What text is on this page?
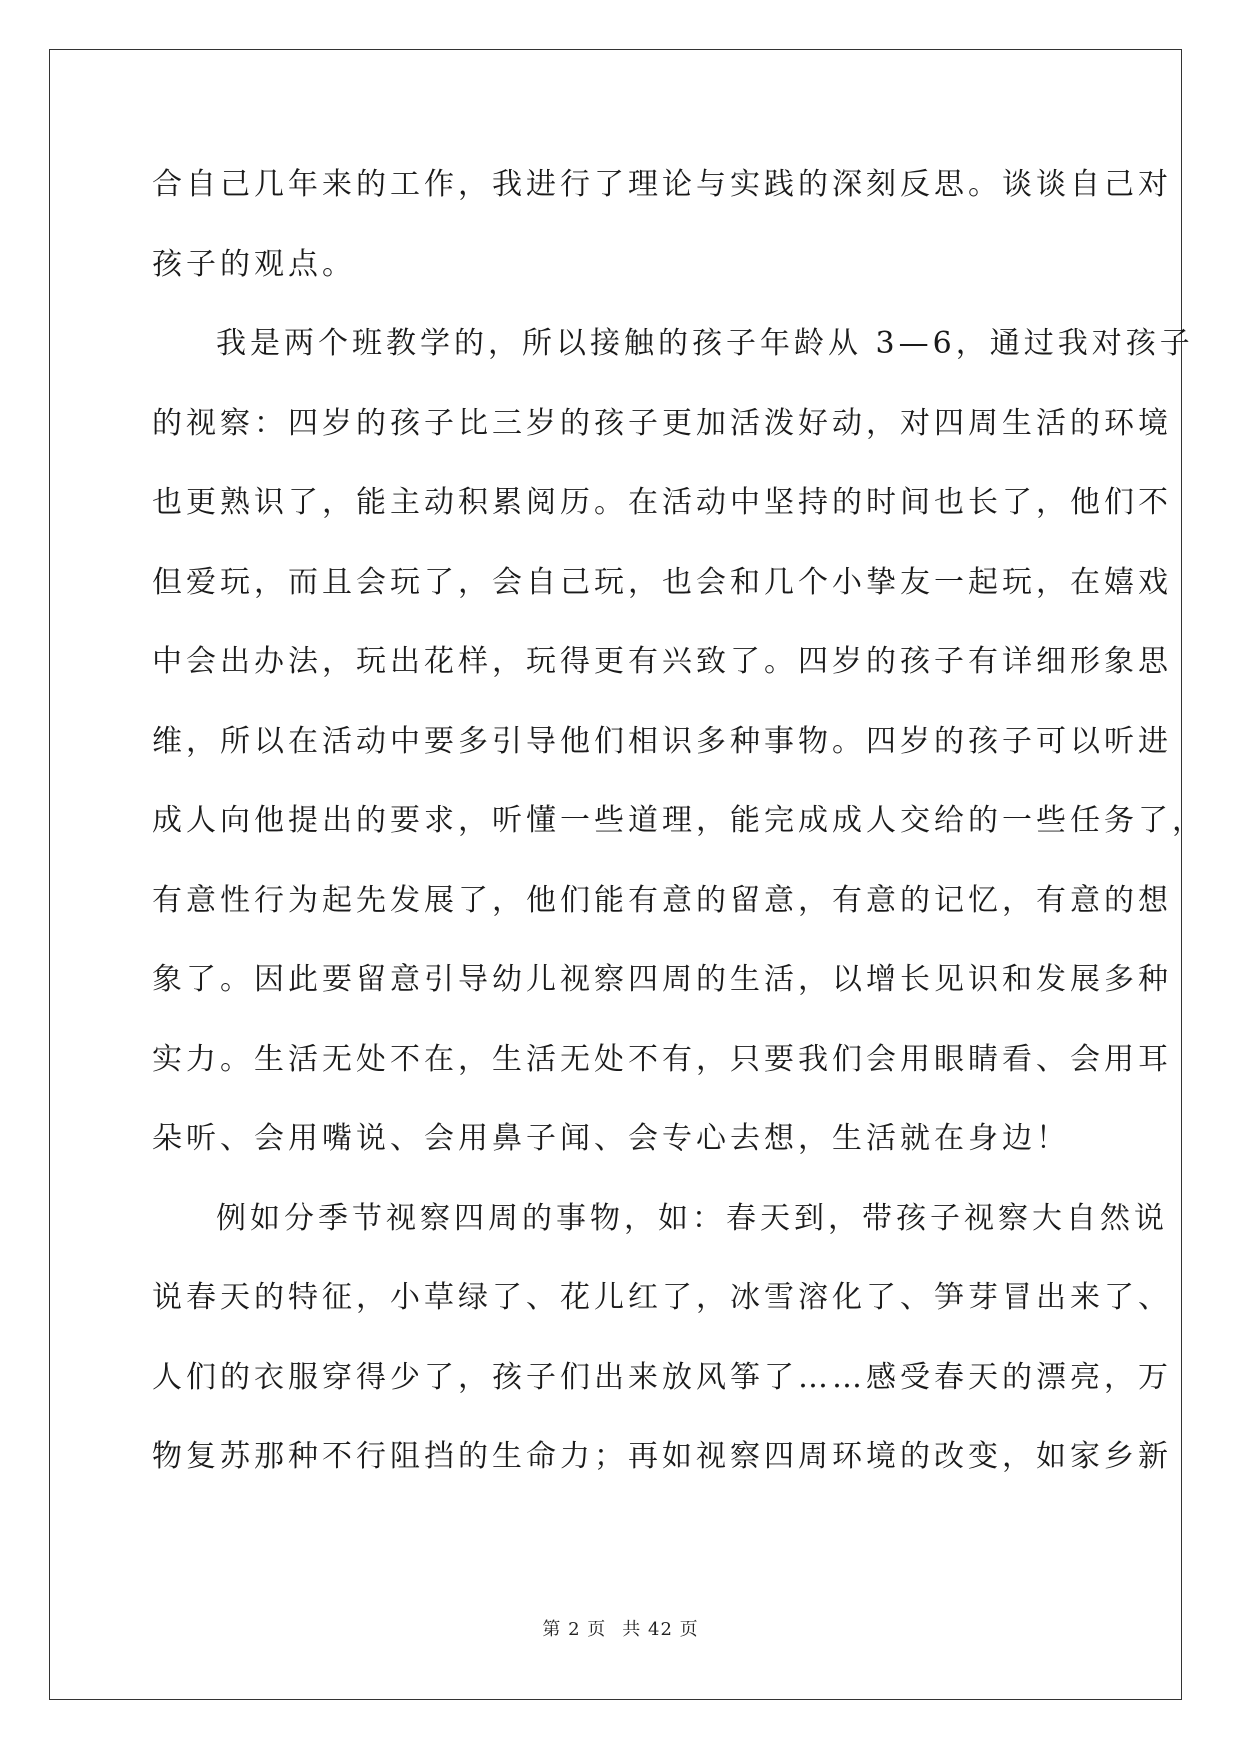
合自己几年来的工作，我进行了理论与实践的深刻反思。谈谈自己对
孩子的观点。
我是两个班教学的，所以接触的孩子年龄从 3—6，通过我对孩子
的视察：四岁的孩子比三岁的孩子更加活泼好动，对四周生活的环境
也更熟识了，能主动积累阅历。在活动中坚持的时间也长了，他们不
但爱玩，而且会玩了，会自己玩，也会和几个小挚友一起玩，在嬉戏
中会出办法，玩出花样，玩得更有兴致了。四岁的孩子有详细形象思
维，所以在活动中要多引导他们相识多种事物。四岁的孩子可以听进
成人向他提出的要求，听懂一些道理，能完成成人交给的一些任务了，
有意性行为起先发展了，他们能有意的留意，有意的记忆，有意的想
象了。因此要留意引导幼儿视察四周的生活，以增长见识和发展多种
实力。生活无处不在，生活无处不有，只要我们会用眼睛看、会用耳
朵听、会用嘴说、会用鼻子闻、会专心去想，生活就在身边！
例如分季节视察四周的事物，如：春天到，带孩子视察大自然说
说春天的特征，小草绿了、花儿红了，冰雪溶化了、笋芽冒出来了、
人们的衣服穿得少了，孩子们出来放风筝了……感受春天的漂亮，万
物复苏那种不行阻挡的生命力；再如视察四周环境的改变，如家乡新
第 2 页 共 42 页
